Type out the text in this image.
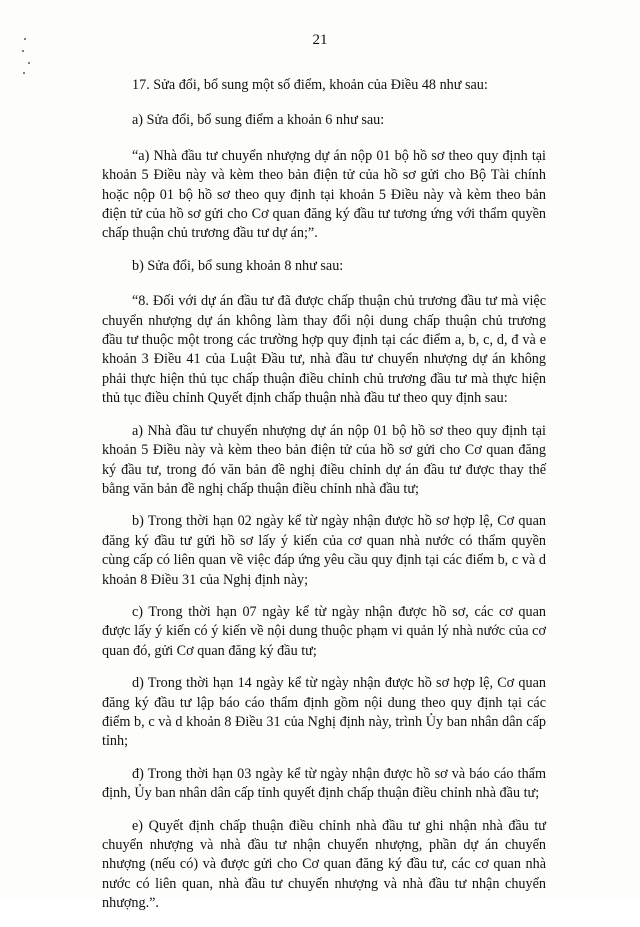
21

17. Sửa đổi, bổ sung một số điểm, khoản của Điều 48 như sau:

a) Sửa đổi, bổ sung điểm a khoản 6 như sau:

“a) Nhà đầu tư chuyển nhượng dự án nộp 01 bộ hồ sơ theo quy định tại khoản 5 Điều này và kèm theo bản điện tử của hồ sơ gửi cho Bộ Tài chính hoặc nộp 01 bộ hồ sơ theo quy định tại khoản 5 Điều này và kèm theo bản điện tử của hồ sơ gửi cho Cơ quan đăng ký đầu tư tương ứng với thẩm quyền chấp thuận chủ trương đầu tư dự án;”.

b) Sửa đổi, bổ sung khoản 8 như sau:

“8. Đối với dự án đầu tư đã được chấp thuận chủ trương đầu tư mà việc chuyển nhượng dự án không làm thay đổi nội dung chấp thuận chủ trương đầu tư thuộc một trong các trường hợp quy định tại các điểm a, b, c, d, đ và e khoản 3 Điều 41 của Luật Đầu tư, nhà đầu tư chuyển nhượng dự án không phải thực hiện thủ tục chấp thuận điều chỉnh chủ trương đầu tư mà thực hiện thủ tục điều chỉnh Quyết định chấp thuận nhà đầu tư theo quy định sau:

a) Nhà đầu tư chuyển nhượng dự án nộp 01 bộ hồ sơ theo quy định tại khoản 5 Điều này và kèm theo bản điện tử của hồ sơ gửi cho Cơ quan đăng ký đầu tư, trong đó văn bản đề nghị điều chỉnh dự án đầu tư được thay thế bằng văn bản đề nghị chấp thuận điều chỉnh nhà đầu tư;

b) Trong thời hạn 02 ngày kể từ ngày nhận được hồ sơ hợp lệ, Cơ quan đăng ký đầu tư gửi hồ sơ lấy ý kiến của cơ quan nhà nước có thẩm quyền cùng cấp có liên quan về việc đáp ứng yêu cầu quy định tại các điểm b, c và d khoản 8 Điều 31 của Nghị định này;

c) Trong thời hạn 07 ngày kể từ ngày nhận được hồ sơ, các cơ quan được lấy ý kiến có ý kiến về nội dung thuộc phạm vi quản lý nhà nước của cơ quan đó, gửi Cơ quan đăng ký đầu tư;

d) Trong thời hạn 14 ngày kể từ ngày nhận được hồ sơ hợp lệ, Cơ quan đăng ký đầu tư lập báo cáo thẩm định gồm nội dung theo quy định tại các điểm b, c và d khoản 8 Điều 31 của Nghị định này, trình Ủy ban nhân dân cấp tỉnh;

đ) Trong thời hạn 03 ngày kể từ ngày nhận được hồ sơ và báo cáo thẩm định, Ủy ban nhân dân cấp tỉnh quyết định chấp thuận điều chỉnh nhà đầu tư;

e) Quyết định chấp thuận điều chỉnh nhà đầu tư ghi nhận nhà đầu tư chuyển nhượng và nhà đầu tư nhận chuyển nhượng, phần dự án chuyển nhượng (nếu có) và được gửi cho Cơ quan đăng ký đầu tư, các cơ quan nhà nước có liên quan, nhà đầu tư chuyển nhượng và nhà đầu tư nhận chuyển nhượng.”.
